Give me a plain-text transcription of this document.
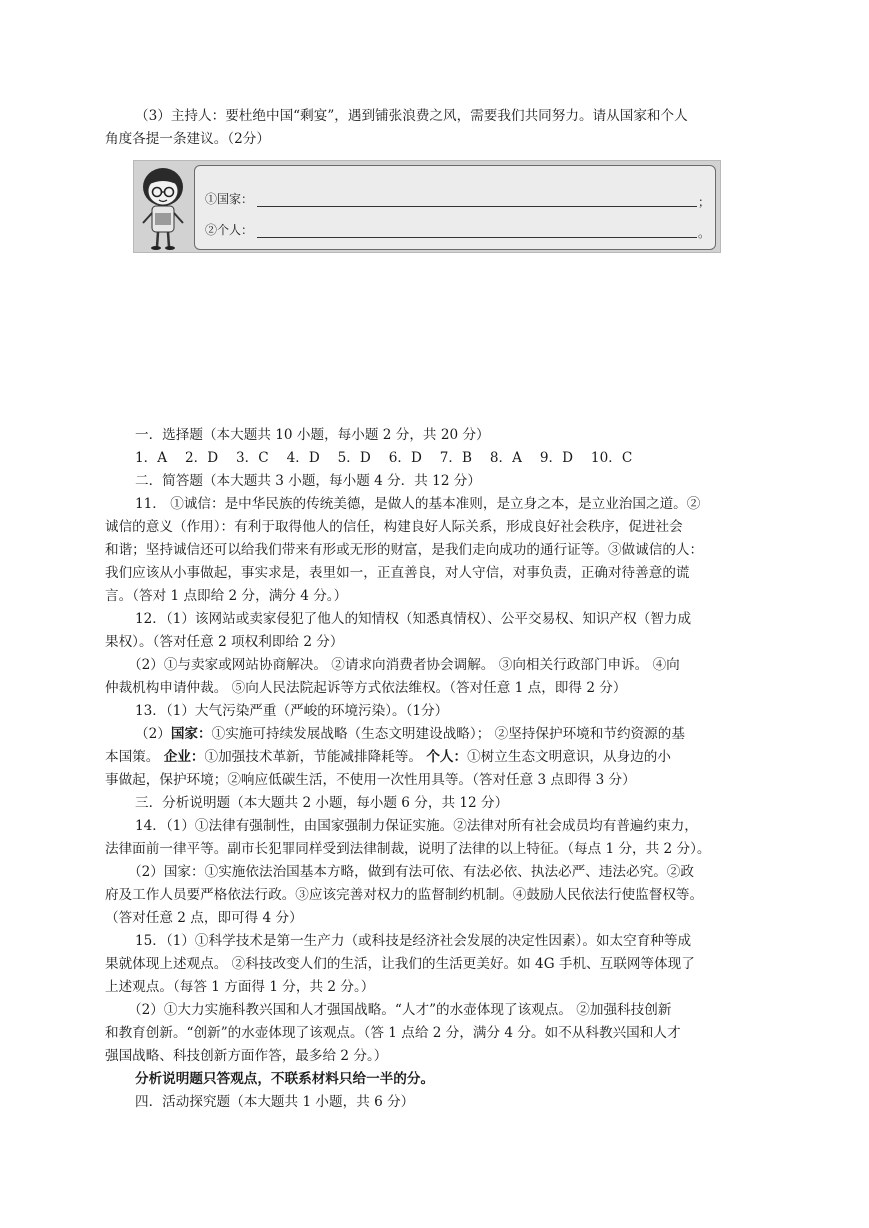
（3）主持人：要杜绝中国“剩宴”，遇到铺张浪费之风，需要我们共同努力。请从国家和个人
角度各提一条建议。（2分）
①国家：	；
②个人：	。
一．选择题（本大题共 10 小题，每小题 2 分，共 20 分）
1．A　 2．D　 3．C　 4．D　 5．D　 6．D　 7．B　 8．A　 9．D　 10．C
二．简答题（本大题共 3 小题，每小题 4 分．共 12 分）
11． ①诚信：是中华民族的传统美德，是做人的基本准则，是立身之本，是立业治国之道。②
诚信的意义（作用）：有利于取得他人的信任，构建良好人际关系，形成良好社会秩序，促进社会
和谐；坚持诚信还可以给我们带来有形或无形的财富，是我们走向成功的通行证等。③做诚信的人：
我们应该从小事做起，事实求是，表里如一，正直善良，对人守信，对事负责，正确对待善意的谎
言。（答对 1 点即给 2 分，满分 4 分。）
12．（1）该网站或卖家侵犯了他人的知情权（知悉真情权）、公平交易权、知识产权（智力成
果权）。（答对任意 2 项权利即给 2 分）
（2）①与卖家或网站协商解决。 ②请求向消费者协会调解。 ③向相关行政部门申诉。 ④向
仲裁机构申请仲裁。 ⑤向人民法院起诉等方式依法维权。（答对任意 1 点，即得 2 分）
13．（1）大气污染严重（严峻的环境污染）。（1分）
（2）国家：①实施可持续发展战略（生态文明建设战略）； ②坚持保护环境和节约资源的基
本国策。 企业：①加强技术革新，节能减排降耗等。 个人：①树立生态文明意识，从身边的小
事做起，保护环境；②响应低碳生活，不使用一次性用具等。（答对任意 3 点即得 3 分）
三．分析说明题（本大题共 2 小题，每小题 6 分，共 12 分）
14．（1）①法律有强制性，由国家强制力保证实施。②法律对所有社会成员均有普遍约束力，
法律面前一律平等。副市长犯罪同样受到法律制裁，说明了法律的以上特征。（每点 1 分，共 2 分）。
（2）国家：①实施依法治国基本方略，做到有法可依、有法必依、执法必严、违法必究。②政
府及工作人员要严格依法行政。③应该完善对权力的监督制约机制。④鼓励人民依法行使监督权等。
（答对任意 2 点，即可得 4 分）
15．（1）①科学技术是第一生产力（或科技是经济社会发展的决定性因素）。如太空育种等成
果就体现上述观点。 ②科技改变人们的生活，让我们的生活更美好。如 4G 手机、互联网等体现了
上述观点。（每答 1 方面得 1 分，共 2 分。）
（2）①大力实施科教兴国和人才强国战略。“人才”的水壶体现了该观点。 ②加强科技创新
和教育创新。“创新”的水壶体现了该观点。（答 1 点给 2 分，满分 4 分。如不从科教兴国和人才
强国战略、科技创新方面作答，最多给 2 分。）
分析说明题只答观点，不联系材料只给一半的分。
四．活动探究题（本大题共 1 小题，共 6 分）
